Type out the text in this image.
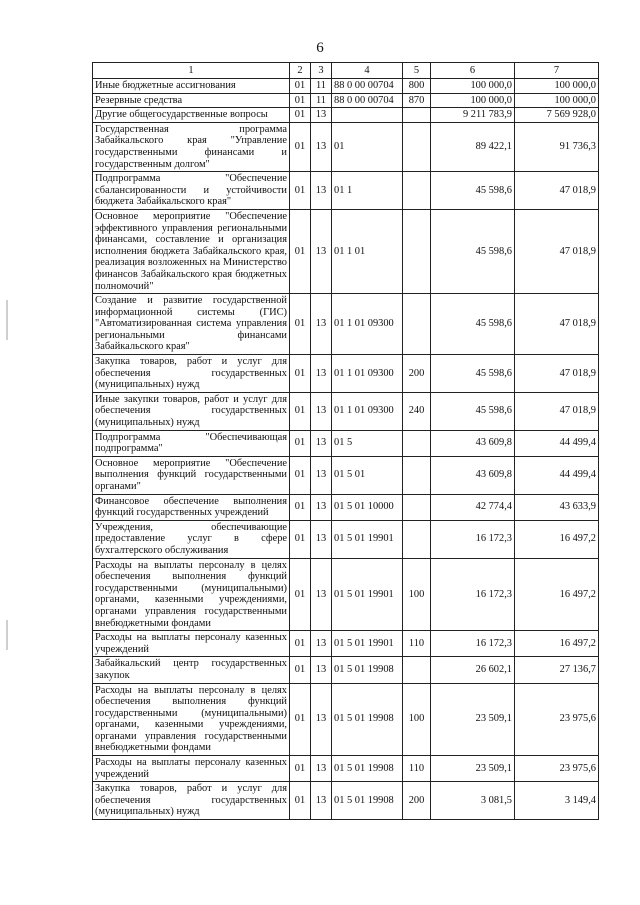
6
1	2	3	4	5	6	7
Иные бюджетные ассигнования	01	11	88 0 00 00704	800	100 000,0	100 000,0
Резервные средства	01	11	88 0 00 00704	870	100 000,0	100 000,0
Другие общегосударственные вопросы	01	13			9 211 783,9	7 569 928,0
Государственная программа Забайкальского края "Управление государственными финансами и государственным долгом"	01	13	01		89 422,1	91 736,3
Подпрограмма "Обеспечение сбалансированности и устойчивости бюджета Забайкальского края"	01	13	01 1		45 598,6	47 018,9
Основное мероприятие "Обеспечение эффективного управления региональными финансами, составление и организация исполнения бюджета Забайкальского края, реализация возложенных на Министерство финансов Забайкальского края бюджетных полномочий"	01	13	01 1 01		45 598,6	47 018,9
Создание и развитие государственной информационной системы (ГИС) "Автоматизированная система управления региональными финансами Забайкальского края"	01	13	01 1 01 09300		45 598,6	47 018,9
Закупка товаров, работ и услуг для обеспечения государственных (муниципальных) нужд	01	13	01 1 01 09300	200	45 598,6	47 018,9
Иные закупки товаров, работ и услуг для обеспечения государственных (муниципальных) нужд	01	13	01 1 01 09300	240	45 598,6	47 018,9
Подпрограмма "Обеспечивающая подпрограмма"	01	13	01 5		43 609,8	44 499,4
Основное мероприятие "Обеспечение выполнения функций государственными органами"	01	13	01 5 01		43 609,8	44 499,4
Финансовое обеспечение выполнения функций государственных учреждений	01	13	01 5 01 10000		42 774,4	43 633,9
Учреждения, обеспечивающие предоставление услуг в сфере бухгалтерского обслуживания	01	13	01 5 01 19901		16 172,3	16 497,2
Расходы на выплаты персоналу в целях обеспечения выполнения функций государственными (муниципальными) органами, казенными учреждениями, органами управления государственными внебюджетными фондами	01	13	01 5 01 19901	100	16 172,3	16 497,2
Расходы на выплаты персоналу казенных учреждений	01	13	01 5 01 19901	110	16 172,3	16 497,2
Забайкальский центр государственных закупок	01	13	01 5 01 19908		26 602,1	27 136,7
Расходы на выплаты персоналу в целях обеспечения выполнения функций государственными (муниципальными) органами, казенными учреждениями, органами управления государственными внебюджетными фондами	01	13	01 5 01 19908	100	23 509,1	23 975,6
Расходы на выплаты персоналу казенных учреждений	01	13	01 5 01 19908	110	23 509,1	23 975,6
Закупка товаров, работ и услуг для обеспечения государственных (муниципальных) нужд	01	13	01 5 01 19908	200	3 081,5	3 149,4
